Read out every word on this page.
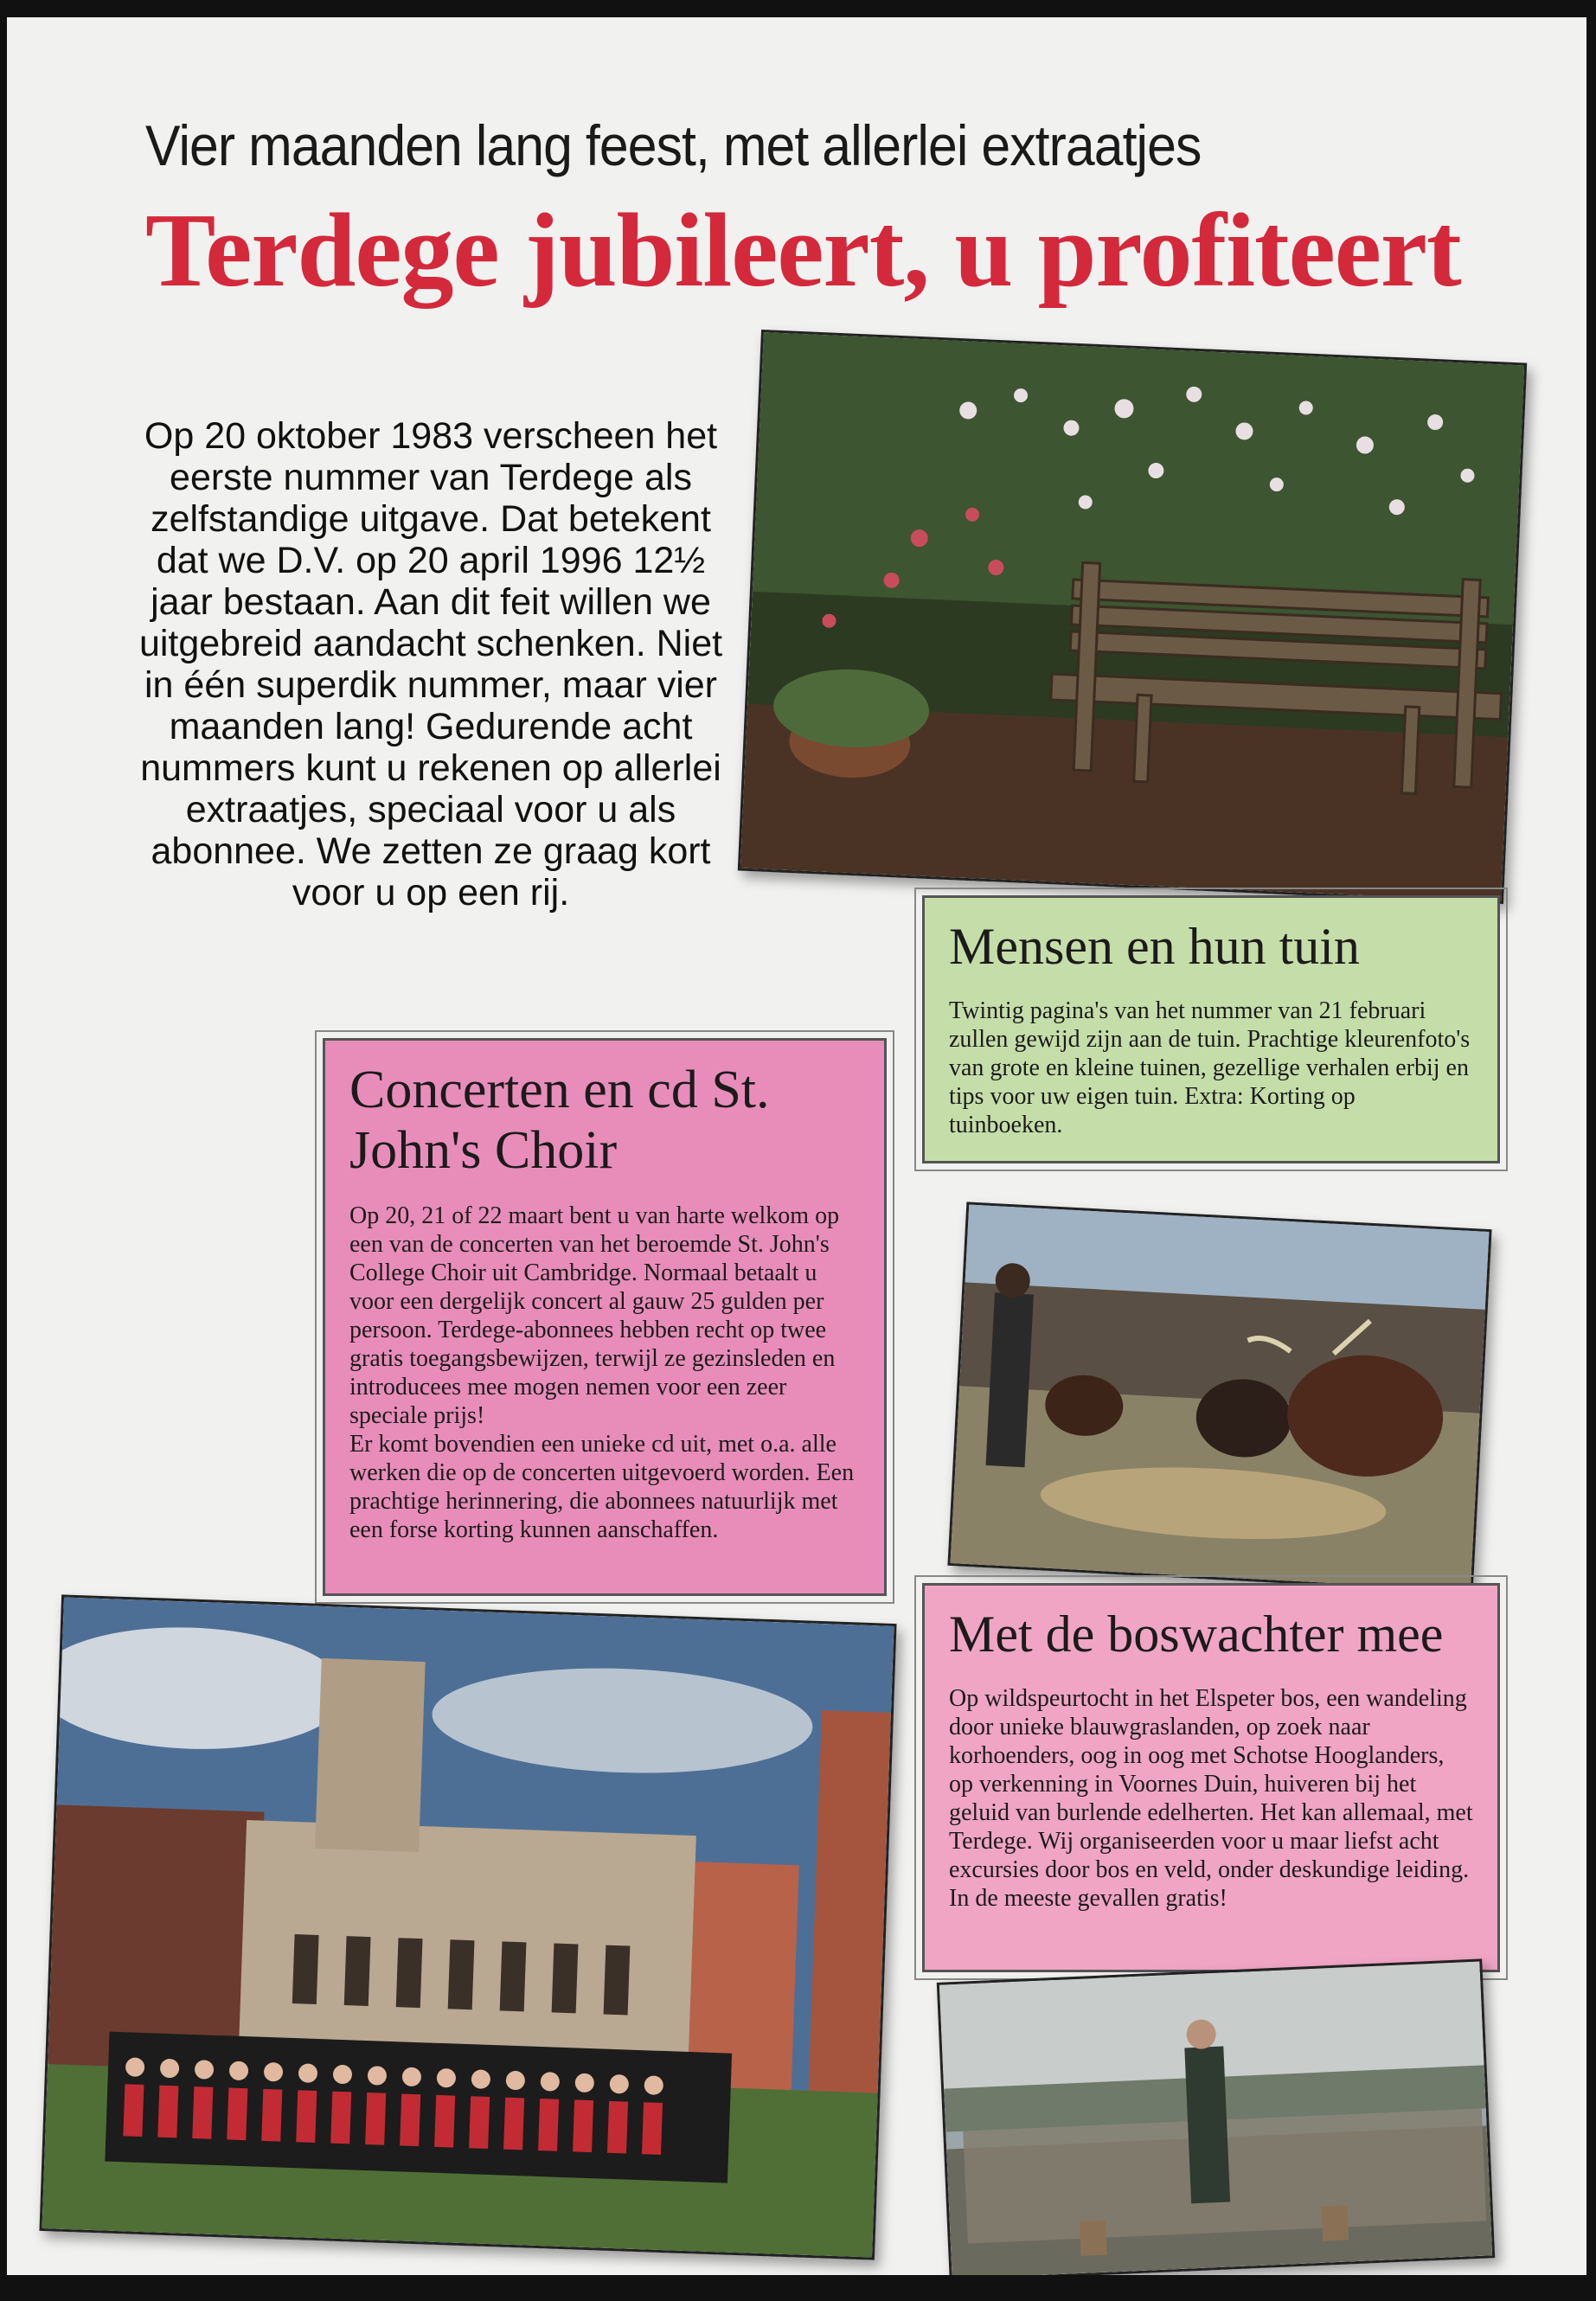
Vier maanden lang feest, met allerlei extraatjes
Terdege jubileert, u profiteert
Op 20 oktober 1983 verscheen het eerste nummer van Terdege als zelfstandige uitgave. Dat betekent dat we D.V. op 20 april 1996 12½ jaar bestaan. Aan dit feit willen we uitgebreid aandacht schenken. Niet in één superdik nummer, maar vier maanden lang! Gedurende acht nummers kunt u rekenen op allerlei extraatjes, speciaal voor u als abonnee. We zetten ze graag kort voor u op een rij.
Mensen en hun tuin

Twintig pagina's van het nummer van 21 februari zullen gewijd zijn aan de tuin. Prachtige kleurenfoto's van grote en kleine tuinen, gezellige verhalen erbij en tips voor uw eigen tuin. Extra: Korting op tuinboeken.

Concerten en cd St. John's Choir

Op 20, 21 of 22 maart bent u van harte welkom op een van de concerten van het beroemde St. John's College Choir uit Cambridge. Normaal betaalt u voor een dergelijk concert al gauw 25 gulden per persoon. Terdege-abonnees hebben recht op twee gratis toegangsbewijzen, terwijl ze gezinsleden en introducees mee mogen nemen voor een zeer speciale prijs!

Er komt bovendien een unieke cd uit, met o.a. alle werken die op de concerten uitgevoerd worden. Een prachtige herinnering, die abonnees natuurlijk met een forse korting kunnen aanschaffen.

Met de boswachter mee

Op wildspeurtocht in het Elspeter bos, een wandeling door unieke blauwgraslanden, op zoek naar korhoenders, oog in oog met Schotse Hooglanders, op verkenning in Voornes Duin, huiveren bij het geluid van burlende edelherten. Het kan allemaal, met Terdege. Wij organiseerden voor u maar liefst acht excursies door bos en veld, onder deskundige leiding. In de meeste gevallen gratis!
